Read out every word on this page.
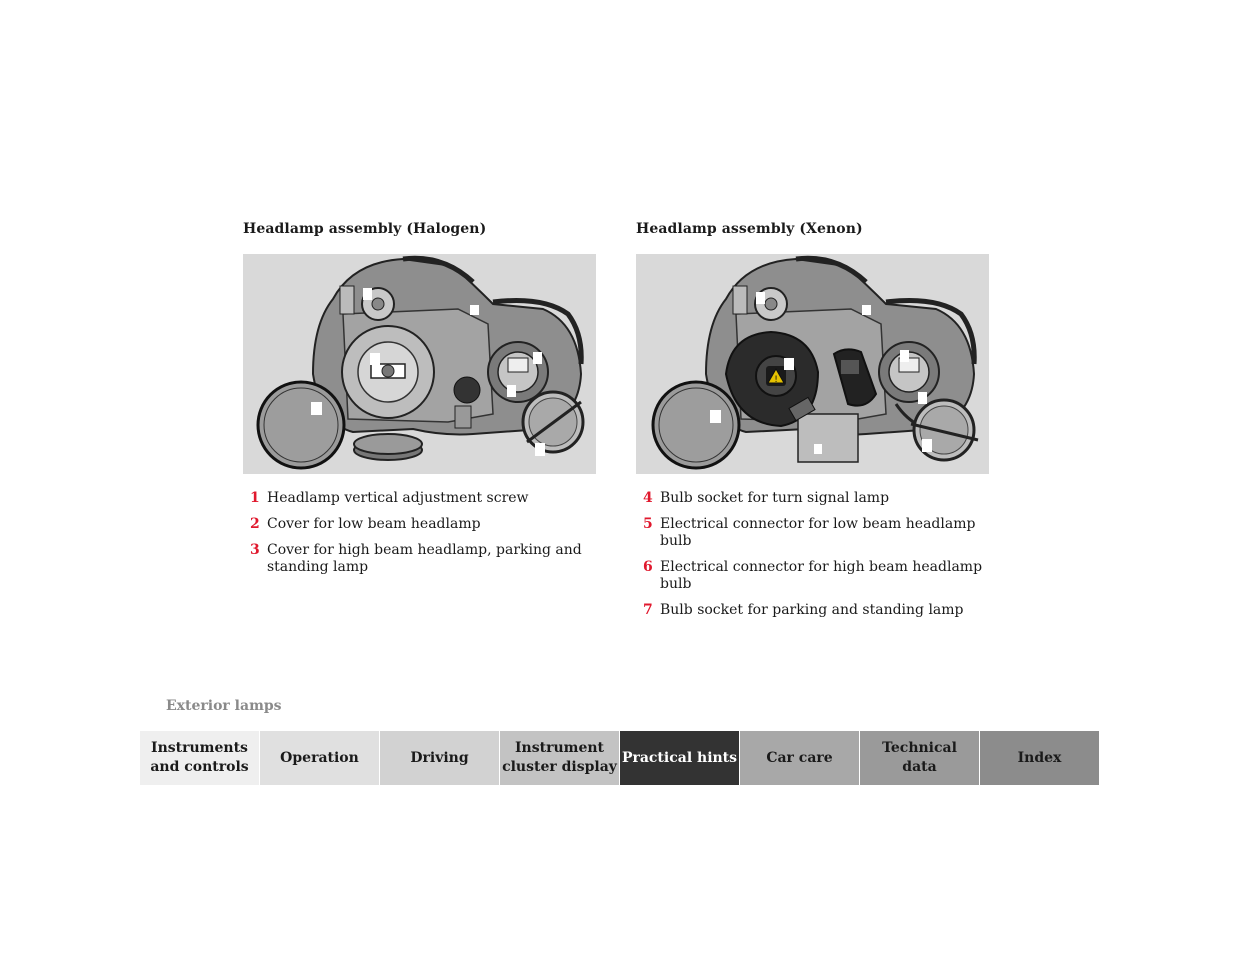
Headlamp assembly (Halogen)
1 Headlamp vertical adjustment screw
2 Cover for low beam headlamp
3 Cover for high beam headlamp, parking and standing lamp
Headlamp assembly (Xenon)
!
4 Bulb socket for turn signal lamp
5 Electrical connector for low beam headlamp bulb
6 Electrical connector for high beam headlamp bulb
7 Bulb socket for parking and standing lamp
Exterior lamps
Instruments
and controls
Operation	Driving
Instrument
cluster display
Practical hints	Car care
Technical
data
Index
